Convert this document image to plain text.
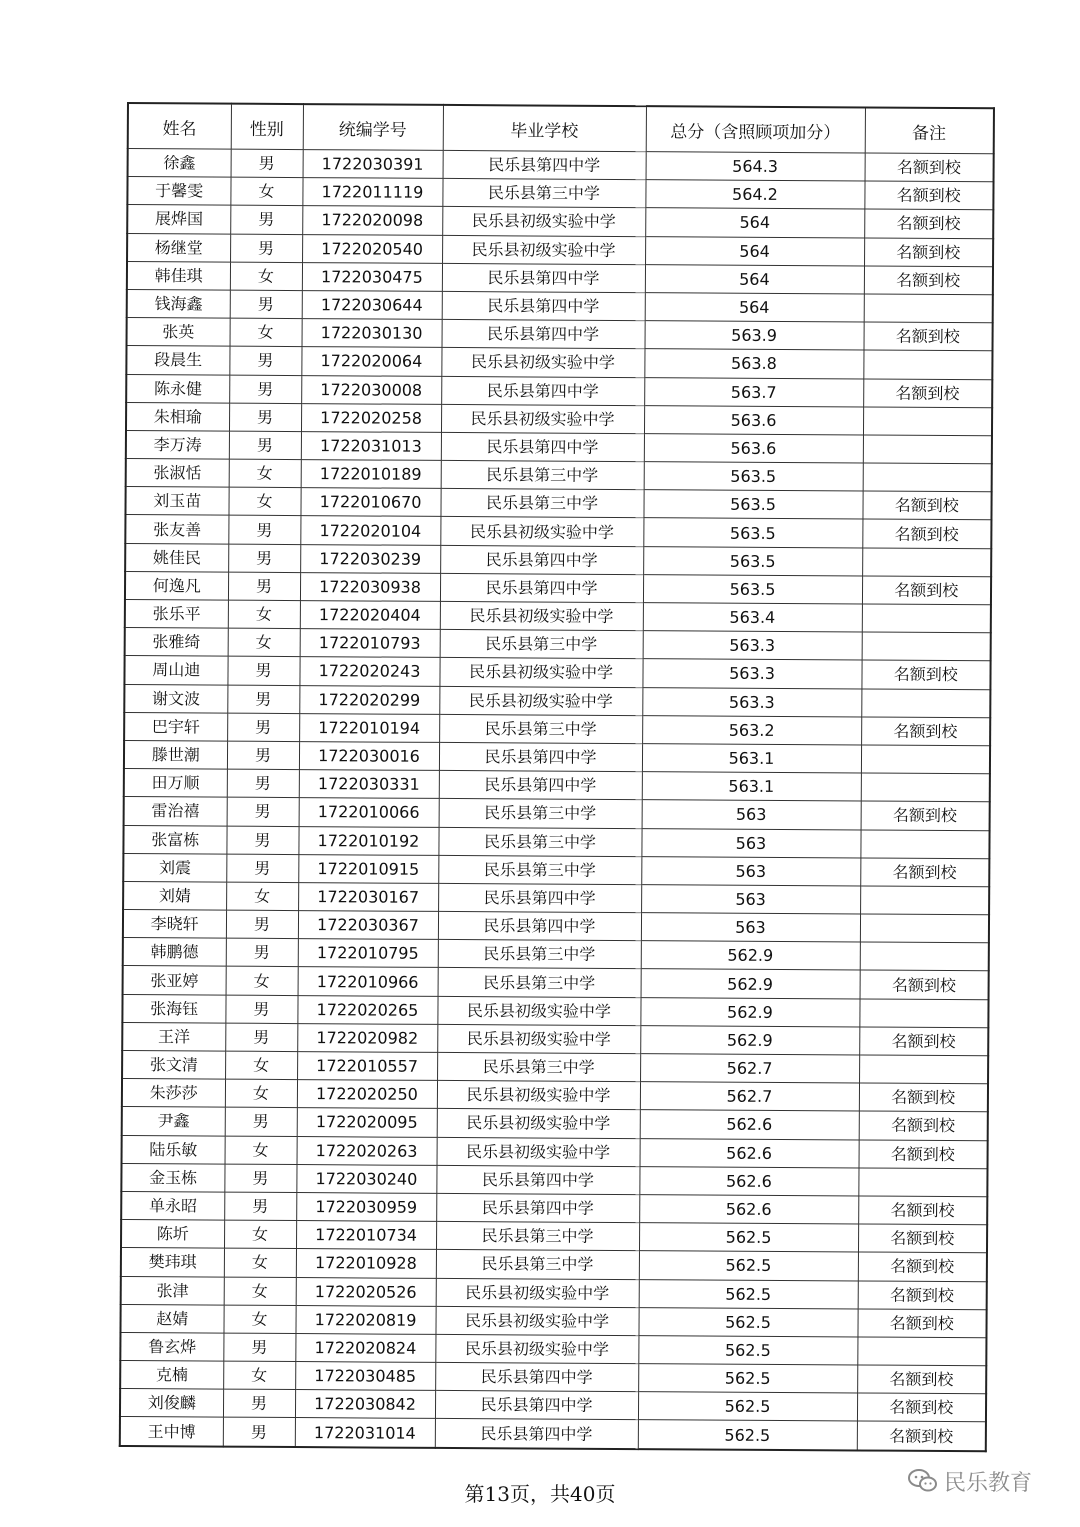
姓名	性别	统编学号	毕业学校	总分（含照顾项加分）	备注
徐鑫	男	1722030391	民乐县第四中学	564.3	名额到校
于馨雯	女	1722011119	民乐县第三中学	564.2	名额到校
展烨国	男	1722020098	民乐县初级实验中学	564	名额到校
杨继堂	男	1722020540	民乐县初级实验中学	564	名额到校
韩佳琪	女	1722030475	民乐县第四中学	564	名额到校
钱海鑫	男	1722030644	民乐县第四中学	564	
张英	女	1722030130	民乐县第四中学	563.9	名额到校
段晨生	男	1722020064	民乐县初级实验中学	563.8	
陈永健	男	1722030008	民乐县第四中学	563.7	名额到校
朱相瑜	男	1722020258	民乐县初级实验中学	563.6	
李万涛	男	1722031013	民乐县第四中学	563.6	
张淑恬	女	1722010189	民乐县第三中学	563.5	
刘玉苗	女	1722010670	民乐县第三中学	563.5	名额到校
张友善	男	1722020104	民乐县初级实验中学	563.5	名额到校
姚佳民	男	1722030239	民乐县第四中学	563.5	
何逸凡	男	1722030938	民乐县第四中学	563.5	名额到校
张乐平	女	1722020404	民乐县初级实验中学	563.4	
张雅绮	女	1722010793	民乐县第三中学	563.3	
周山迪	男	1722020243	民乐县初级实验中学	563.3	名额到校
谢文波	男	1722020299	民乐县初级实验中学	563.3	
巴宇轩	男	1722010194	民乐县第三中学	563.2	名额到校
滕世潮	男	1722030016	民乐县第四中学	563.1	
田万顺	男	1722030331	民乐县第四中学	563.1	
雷治禧	男	1722010066	民乐县第三中学	563	名额到校
张富栋	男	1722010192	民乐县第三中学	563	
刘震	男	1722010915	民乐县第三中学	563	名额到校
刘婧	女	1722030167	民乐县第四中学	563	
李晓轩	男	1722030367	民乐县第四中学	563	
韩鹏德	男	1722010795	民乐县第三中学	562.9	
张亚婷	女	1722010966	民乐县第三中学	562.9	名额到校
张海钰	男	1722020265	民乐县初级实验中学	562.9	
王洋	男	1722020982	民乐县初级实验中学	562.9	名额到校
张文清	女	1722010557	民乐县第三中学	562.7	
朱莎莎	女	1722020250	民乐县初级实验中学	562.7	名额到校
尹鑫	男	1722020095	民乐县初级实验中学	562.6	名额到校
陆乐敏	女	1722020263	民乐县初级实验中学	562.6	名额到校
金玉栋	男	1722030240	民乐县第四中学	562.6	
单永昭	男	1722030959	民乐县第四中学	562.6	名额到校
陈圻	女	1722010734	民乐县第三中学	562.5	名额到校
樊玮琪	女	1722010928	民乐县第三中学	562.5	名额到校
张津	女	1722020526	民乐县初级实验中学	562.5	名额到校
赵婧	女	1722020819	民乐县初级实验中学	562.5	名额到校
鲁玄烨	男	1722020824	民乐县初级实验中学	562.5	
克楠	女	1722030485	民乐县第四中学	562.5	名额到校
刘俊麟	男	1722030842	民乐县第四中学	562.5	名额到校
王中博	男	1722031014	民乐县第四中学	562.5	名额到校
第13页，共40页	民乐教育
